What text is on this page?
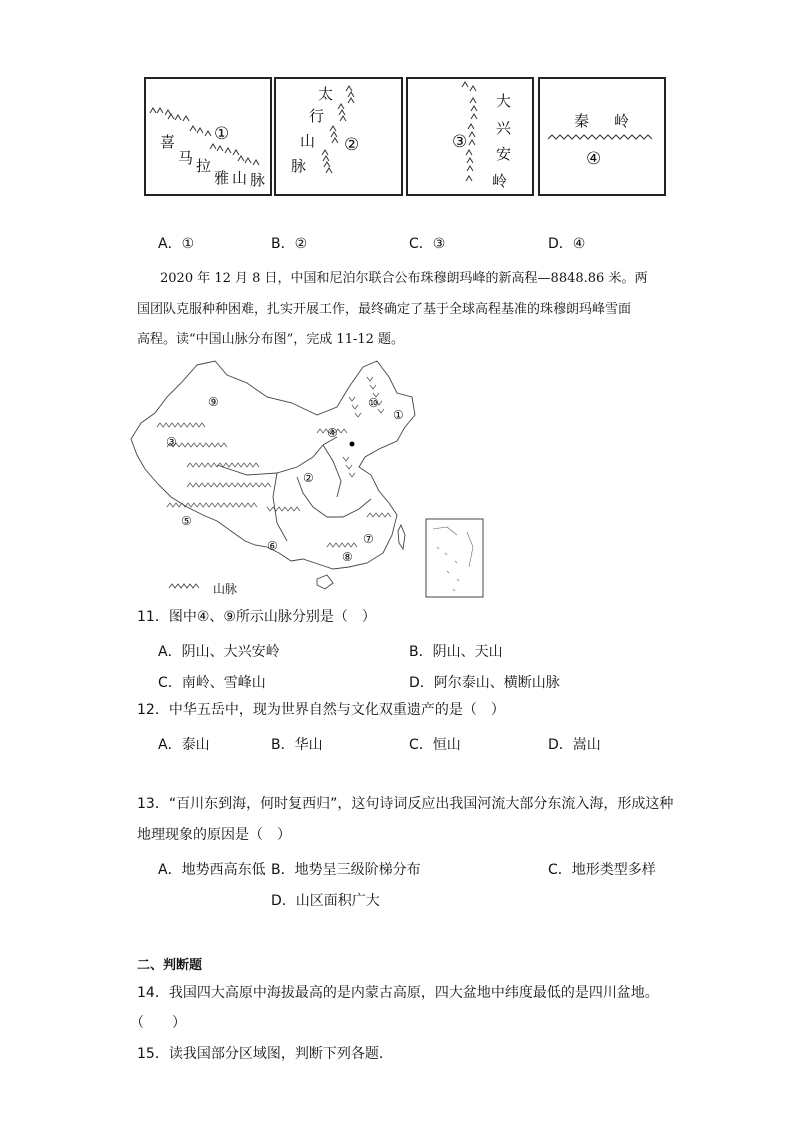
喜
马 拉
雅 山 脉
①
太
行
山
脉
②
大
兴
安
岭
③
秦 岭
④
A．①	B．②	C．③	D．④
2020 年 12 月 8 日，中国和尼泊尔联合公布珠穆朗玛峰的新高程—8848.86 米。两
国团队克服种种困难，扎实开展工作，最终确定了基于全球高程基准的珠穆朗玛峰雪面
高程。读“中国山脉分布图”，完成 11-12 题。
①
②
③
④
⑤
⑥	⑦
⑧
⑨	⑩
山脉
11．图中④、⑨所示山脉分别是（　）
A．阴山、大兴安岭	B．阴山、天山
C．南岭、雪峰山	D．阿尔泰山、横断山脉
12．中华五岳中，现为世界自然与文化双重遗产的是（　）
A．泰山	B．华山	C．恒山	D．嵩山
13．“百川东到海，何时复西归”，这句诗词反应出我国河流大部分东流入海，形成这种
地理现象的原因是（　）
A．地势西高东低 B．地势呈三级阶梯分布	C．地形类型多样
D．山区面积广大
二、判断题
14．我国四大高原中海拔最高的是内蒙古高原，四大盆地中纬度最低的是四川盆地。
（　　）
15．读我国部分区域图，判断下列各题．
